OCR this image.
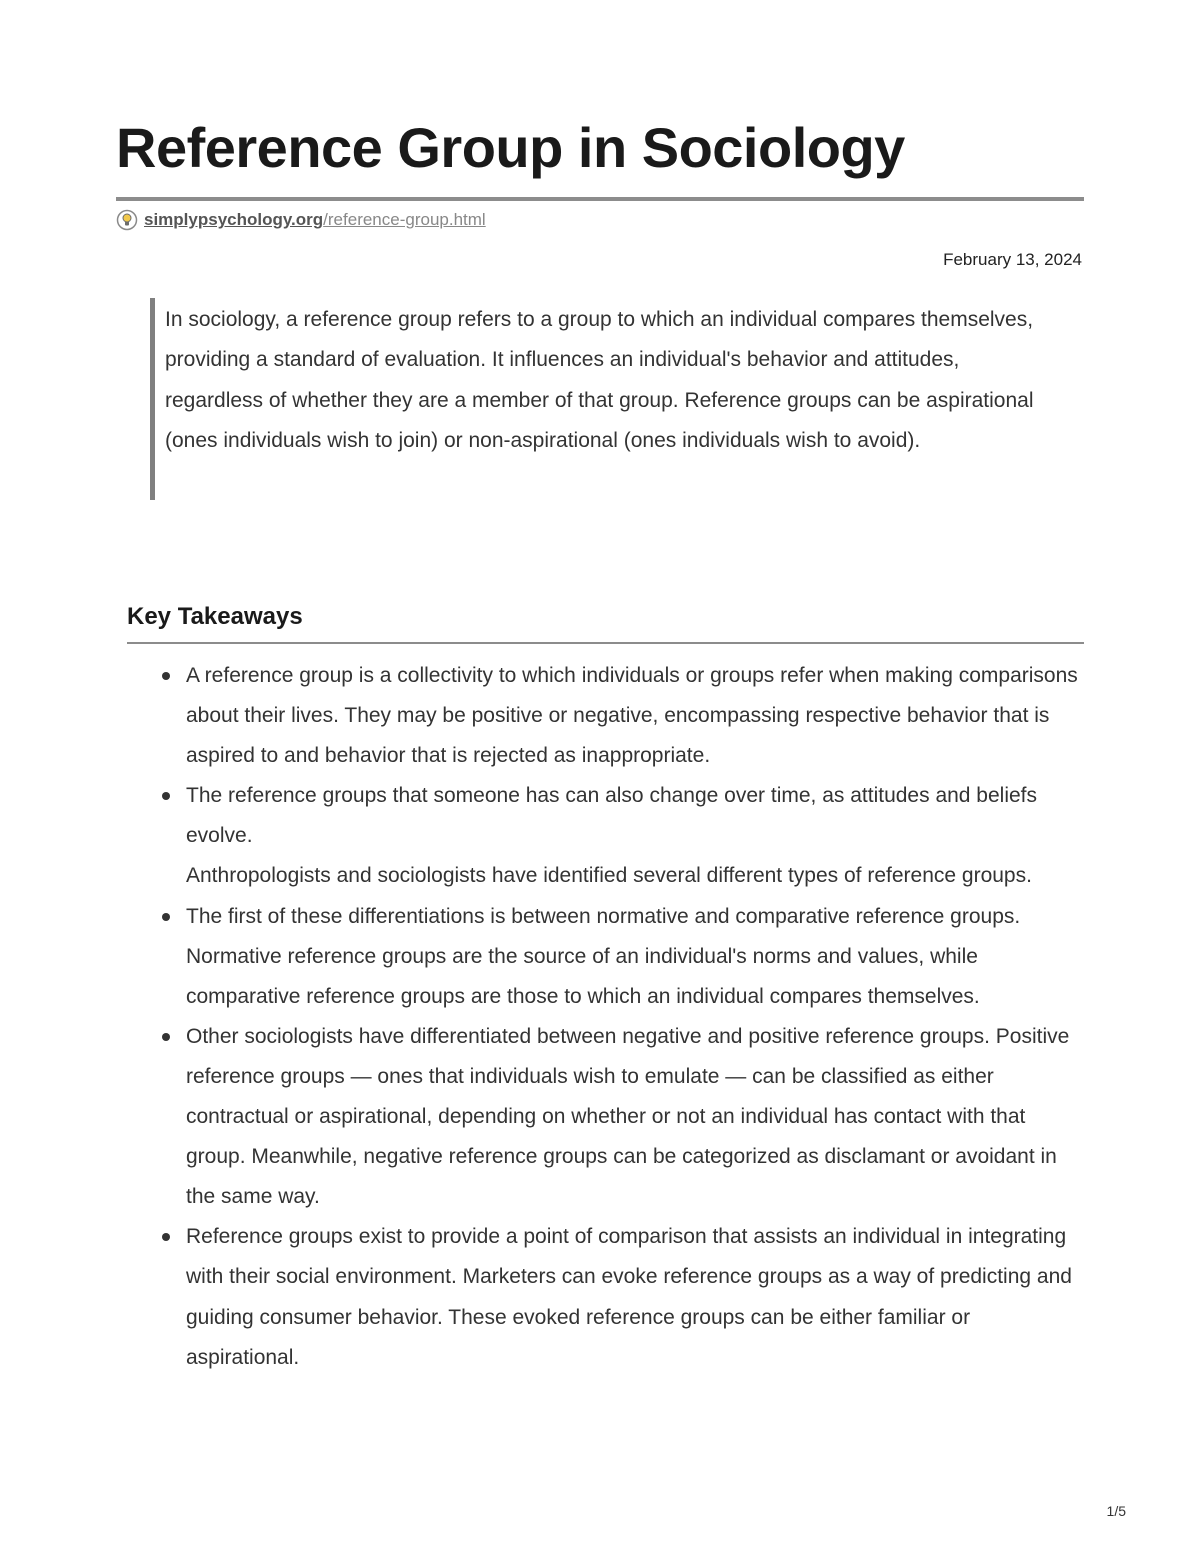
Reference Group in Sociology
simplypsychology.org /reference-group.html
February 13, 2024

In sociology, a reference group refers to a group to which an individual compares themselves, providing a standard of evaluation. It influences an individual's behavior and attitudes, regardless of whether they are a member of that group. Reference groups can be aspirational (ones individuals wish to join) or non-aspirational (ones individuals wish to avoid).

Key Takeaways
A reference group is a collectivity to which individuals or groups refer when making comparisons about their lives. They may be positive or negative, encompassing respective behavior that is aspired to and behavior that is rejected as inappropriate.
The reference groups that someone has can also change over time, as attitudes and beliefs evolve.
Anthropologists and sociologists have identified several different types of reference groups.
The first of these differentiations is between normative and comparative reference groups. Normative reference groups are the source of an individual's norms and values, while comparative reference groups are those to which an individual compares themselves.
Other sociologists have differentiated between negative and positive reference groups. Positive reference groups — ones that individuals wish to emulate — can be classified as either contractual or aspirational, depending on whether or not an individual has contact with that group. Meanwhile, negative reference groups can be categorized as disclamant or avoidant in the same way.
Reference groups exist to provide a point of comparison that assists an individual in integrating with their social environment. Marketers can evoke reference groups as a way of predicting and guiding consumer behavior. These evoked reference groups can be either familiar or aspirational.
1/5
